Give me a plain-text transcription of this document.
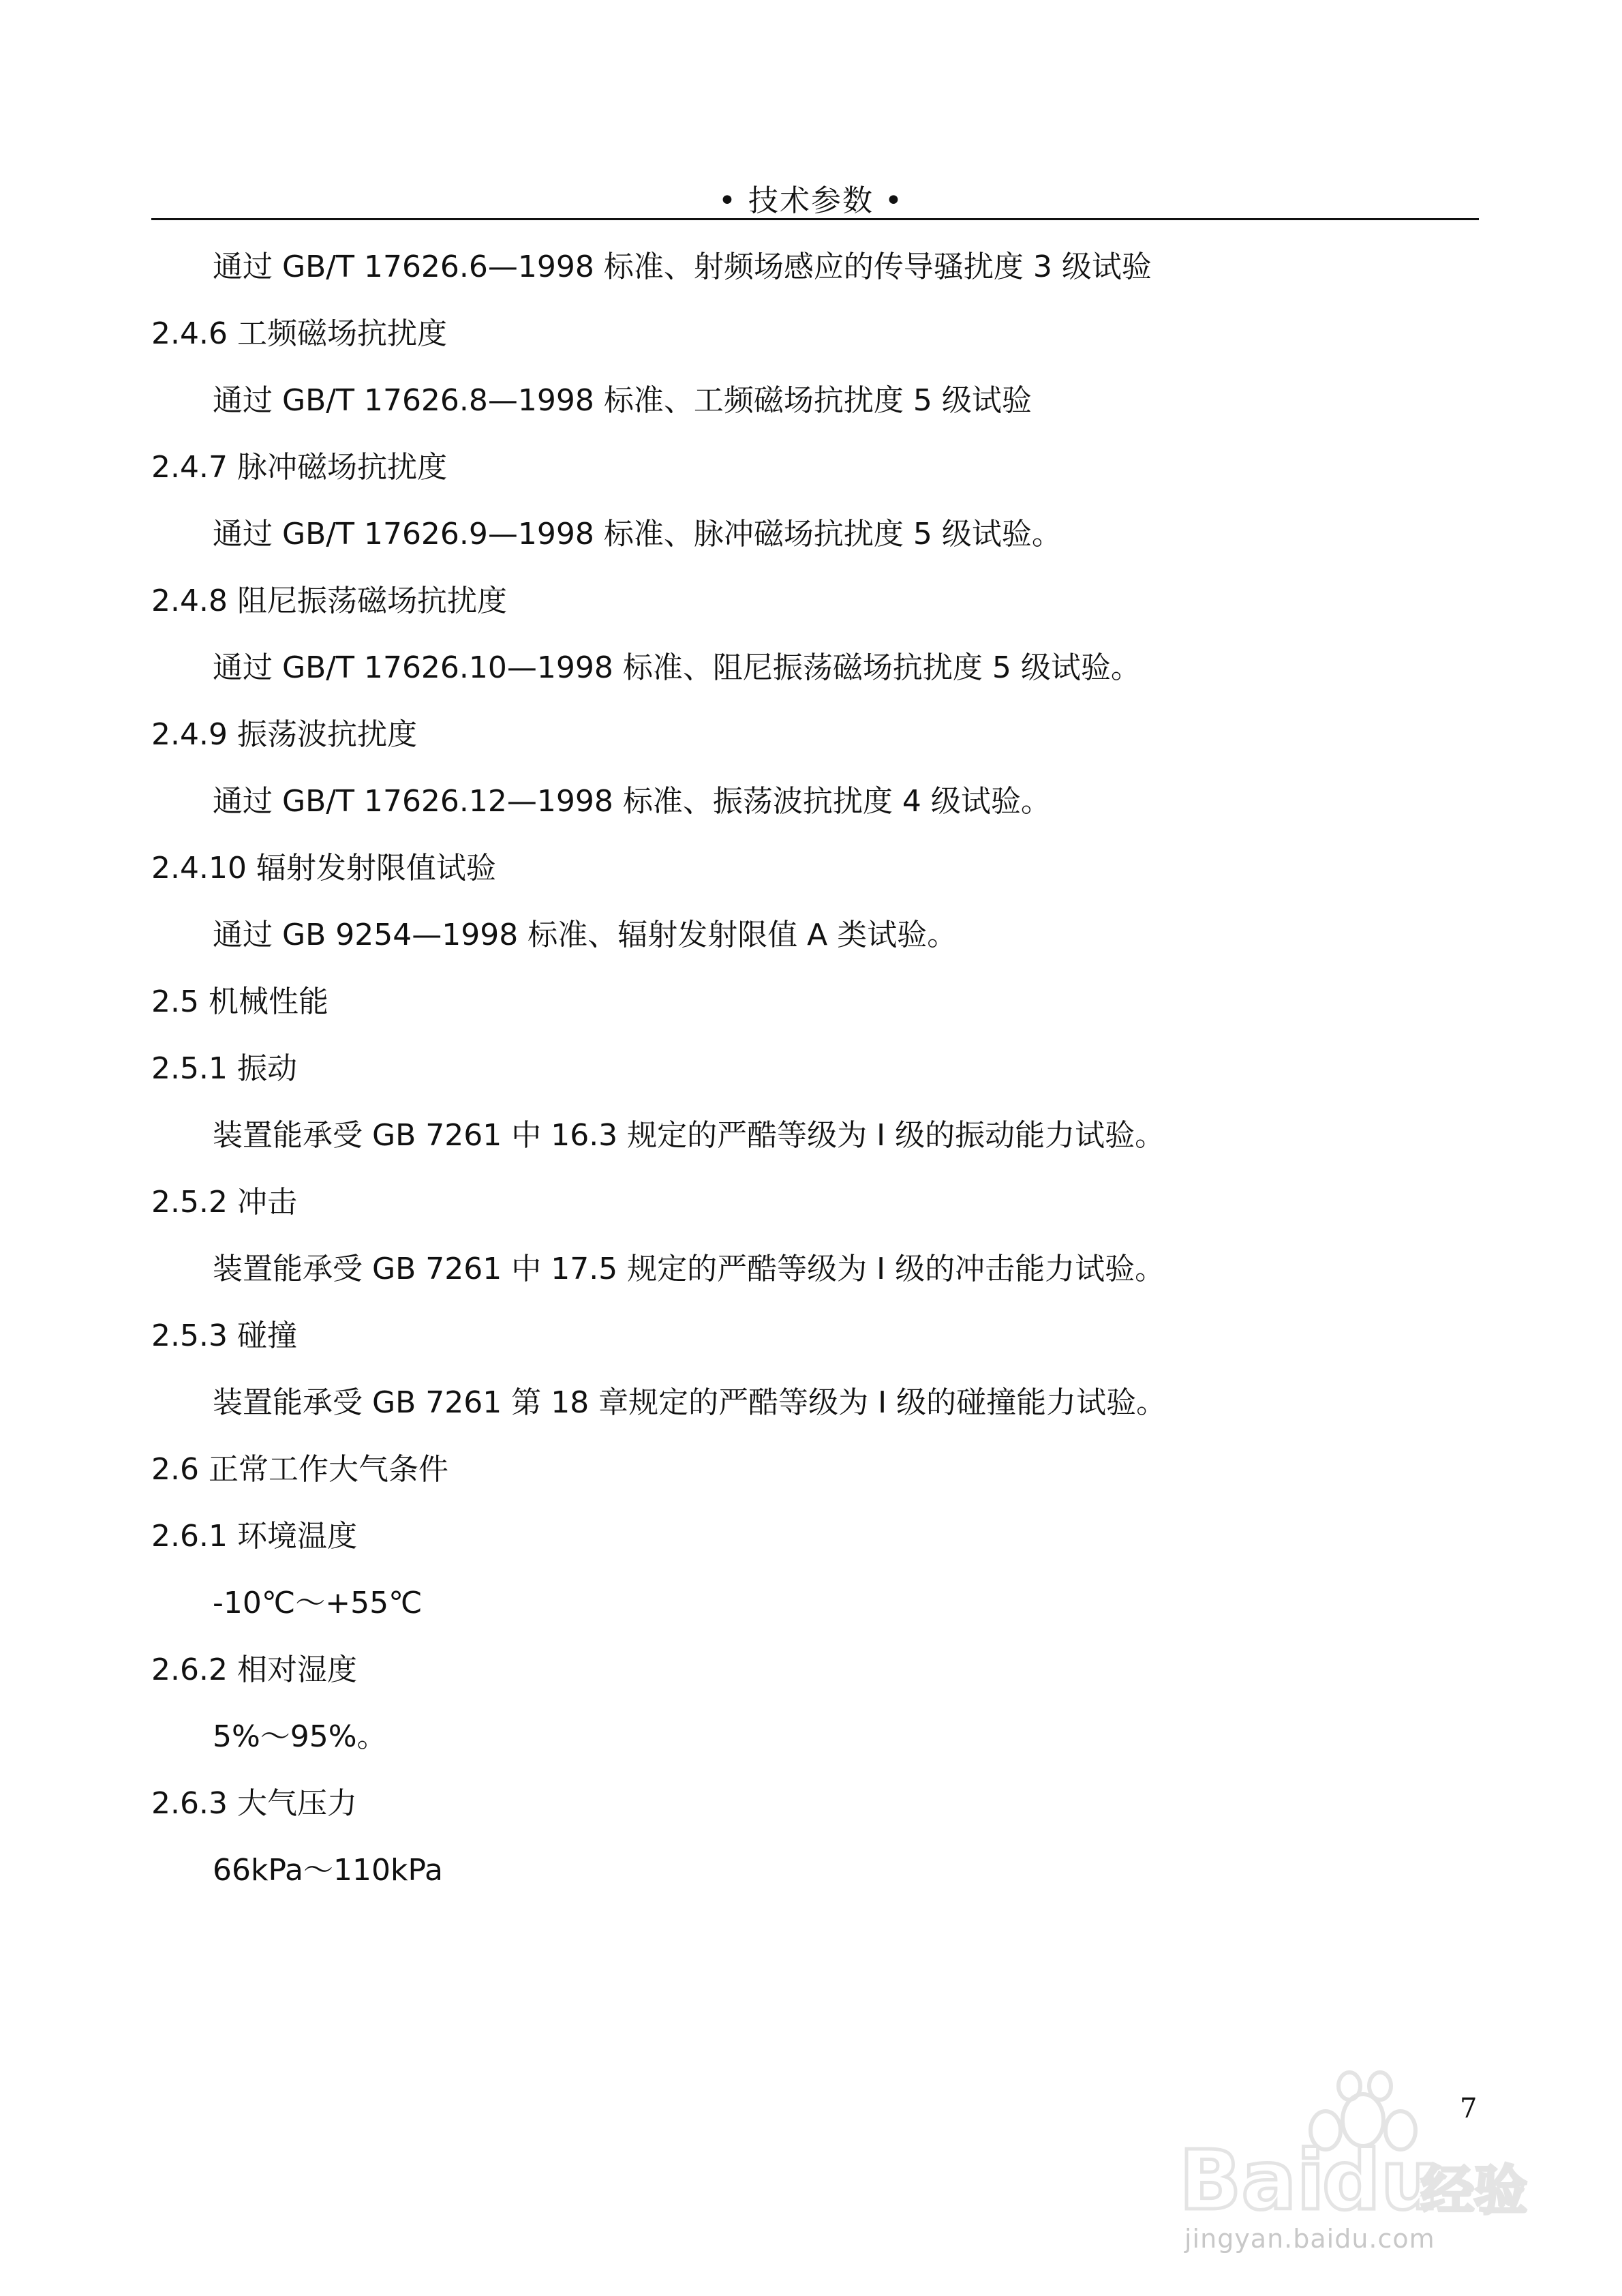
• 技术参数 •
通过 GB/T 17626.6—1998 标准、射频场感应的传导骚扰度 3 级试验
2.4.6 工频磁场抗扰度
通过 GB/T 17626.8—1998 标准、工频磁场抗扰度 5 级试验
2.4.7 脉冲磁场抗扰度
通过 GB/T 17626.9—1998 标准、脉冲磁场抗扰度 5 级试验。
2.4.8 阻尼振荡磁场抗扰度
通过 GB/T 17626.10—1998 标准、阻尼振荡磁场抗扰度 5 级试验。
2.4.9 振荡波抗扰度
通过 GB/T 17626.12—1998 标准、振荡波抗扰度 4 级试验。
2.4.10 辐射发射限值试验
通过 GB 9254—1998 标准、辐射发射限值 A 类试验。
2.5 机械性能
2.5.1 振动
装置能承受 GB 7261 中 16.3 规定的严酷等级为 I 级的振动能力试验。
2.5.2 冲击
装置能承受 GB 7261 中 17.5 规定的严酷等级为 I 级的冲击能力试验。
2.5.3 碰撞
装置能承受 GB 7261 第 18 章规定的严酷等级为 I 级的碰撞能力试验。
2.6 正常工作大气条件
2.6.1 环境温度
-10℃～+55℃
2.6.2 相对湿度
5%～95%。
2.6.3 大气压力
66kPa～110kPa
7
Bai
du
经验
jingyan.baidu.com
